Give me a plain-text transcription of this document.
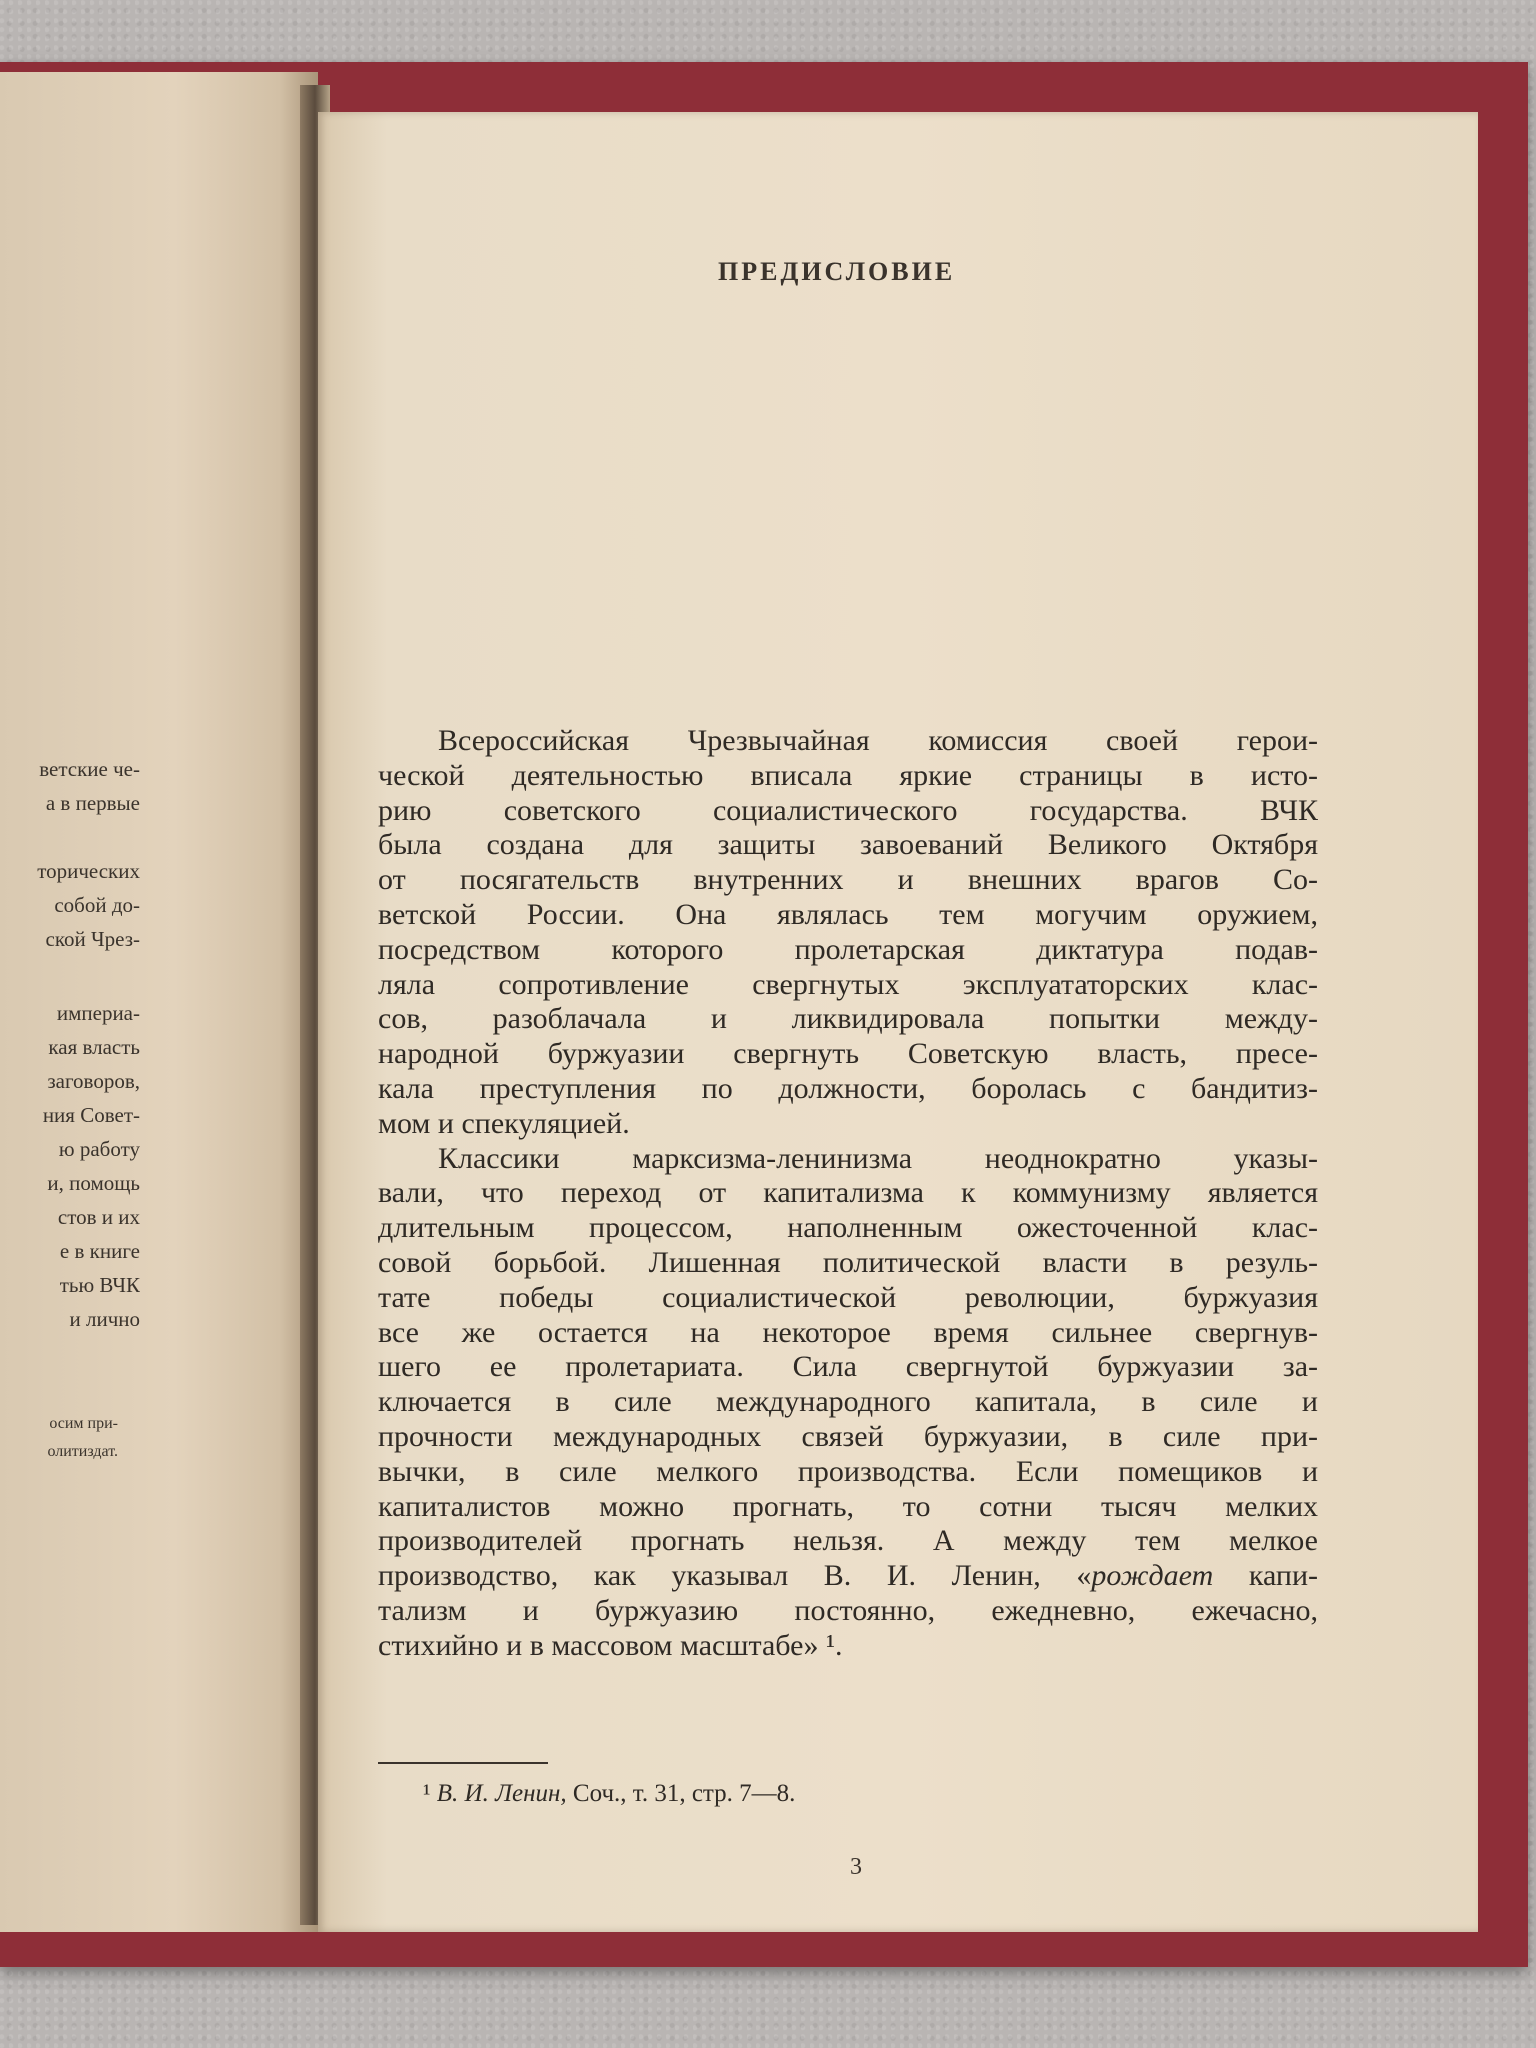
ветские че-
а в первые

торических
собой до-
ской Чрез-
империа-
кая власть
заговоров,
ния Совет-
ю работу
и, помощь
стов и их
е в книге
тью ВЧК
и лично
осим при-
олитиздат.
ПРЕДИСЛОВИЕ
Всероссийская Чрезвычайная комиссия своей герои-
ческой деятельностью вписала яркие страницы в исто-
рию советского социалистического государства. ВЧК
была создана для защиты завоеваний Великого Октября
от посягательств внутренних и внешних врагов Со-
ветской России. Она являлась тем могучим оружием,
посредством которого пролетарская диктатура подав-
ляла сопротивление свергнутых эксплуататорских клас-
сов, разоблачала и ликвидировала попытки между-
народной буржуазии свергнуть Советскую власть, пресе-
кала преступления по должности, боролась с бандитиз-
мом и спекуляцией.
Классики марксизма-ленинизма неоднократно указы-
вали, что переход от капитализма к коммунизму является
длительным процессом, наполненным ожесточенной клас-
совой борьбой. Лишенная политической власти в резуль-
тате победы социалистической революции, буржуазия
все же остается на некоторое время сильнее свергнув-
шего ее пролетариата. Сила свергнутой буржуазии за-
ключается в силе международного капитала, в силе и
прочности международных связей буржуазии, в силе при-
вычки, в силе мелкого производства. Если помещиков и
капиталистов можно прогнать, то сотни тысяч мелких
производителей прогнать нельзя. А между тем мелкое
производство, как указывал В. И. Ленин, «рождает капи-
тализм и буржуазию постоянно, ежедневно, ежечасно,
стихийно и в массовом масштабе» ¹.
¹ В. И. Ленин, Соч., т. 31, стр. 7—8.
3
